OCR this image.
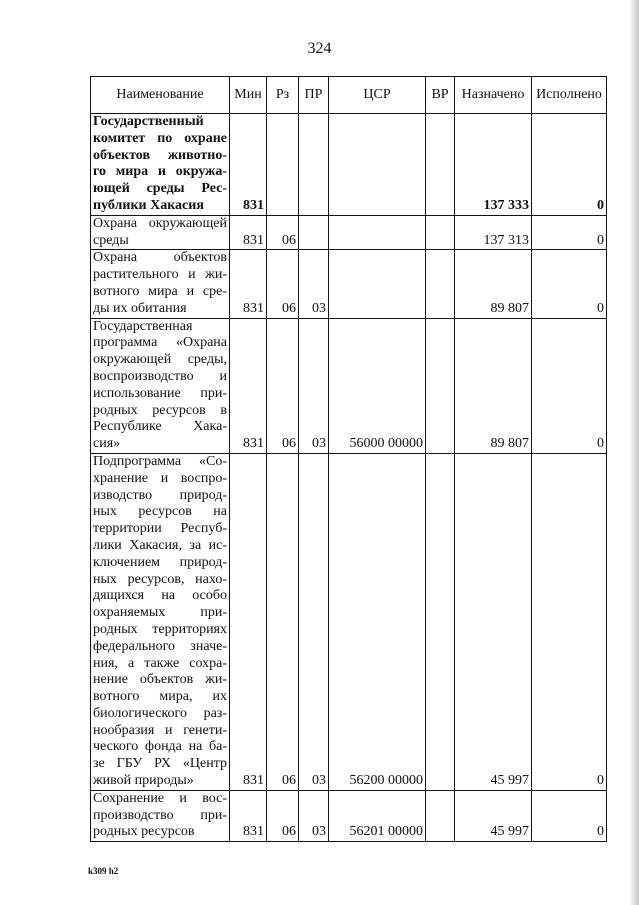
324
Наименование	Мин	Рз	ПР	ЦСР	ВР	Назначено	Исполнено
Государственный комитет по охране объектов животно- го мира и окружа- ющей среды Рес- публики Хакасия	831					137 333	0
Охрана окружающей среды	831	06				137 313	0
Охрана объектов растительного и жи- вотного мира и сре- ды их обитания	831	06	03			89 807	0
Государственная программа «Охрана окружающей среды, воспроизводство и использование при- родных ресурсов в Республике Хака- сия»	831	06	03	56000 00000		89 807	0
Подпрограмма «Со- хранение и воспро- изводство природ- ных ресурсов на территории Респуб- лики Хакасия, за ис- ключением природ- ных ресурсов, нахо- дящихся на особо охраняемых при- родных территориях федерального значе- ния, а также сохра- нение объектов жи- вотного мира, их биологического раз- нообразия и генети- ческого фонда на ба- зе ГБУ РХ «Центр живой природы»	831	06	03	56200 00000		45 997	0
Сохранение и вос- производство при- родных ресурсов	831	06	03	56201 00000		45 997	0
k309 h2
